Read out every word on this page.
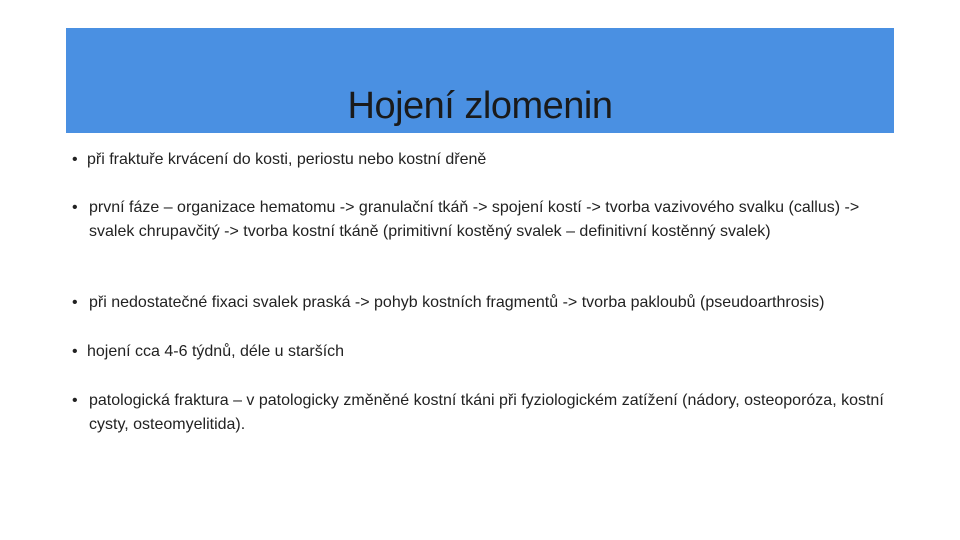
Hojení zlomenin
• při fraktuře krvácení do kosti, periostu nebo kostní dřeně
• první fáze – organizace hematomu -> granulační tkáň -> spojení kostí -> tvorba vazivového svalku (callus) -> svalek chrupavčitý -> tvorba kostní tkáně (primitivní kostěný svalek – definitivní kostěnný svalek)
• při nedostatečné fixaci svalek praská -> pohyb kostních fragmentů -> tvorba pakloubů (pseudoarthrosis)
• hojení cca 4-6 týdnů, déle u starších
• patologická fraktura – v patologicky změněné kostní tkáni při fyziologickém zatížení (nádory, osteoporóza, kostní cysty, osteomyelitida).
